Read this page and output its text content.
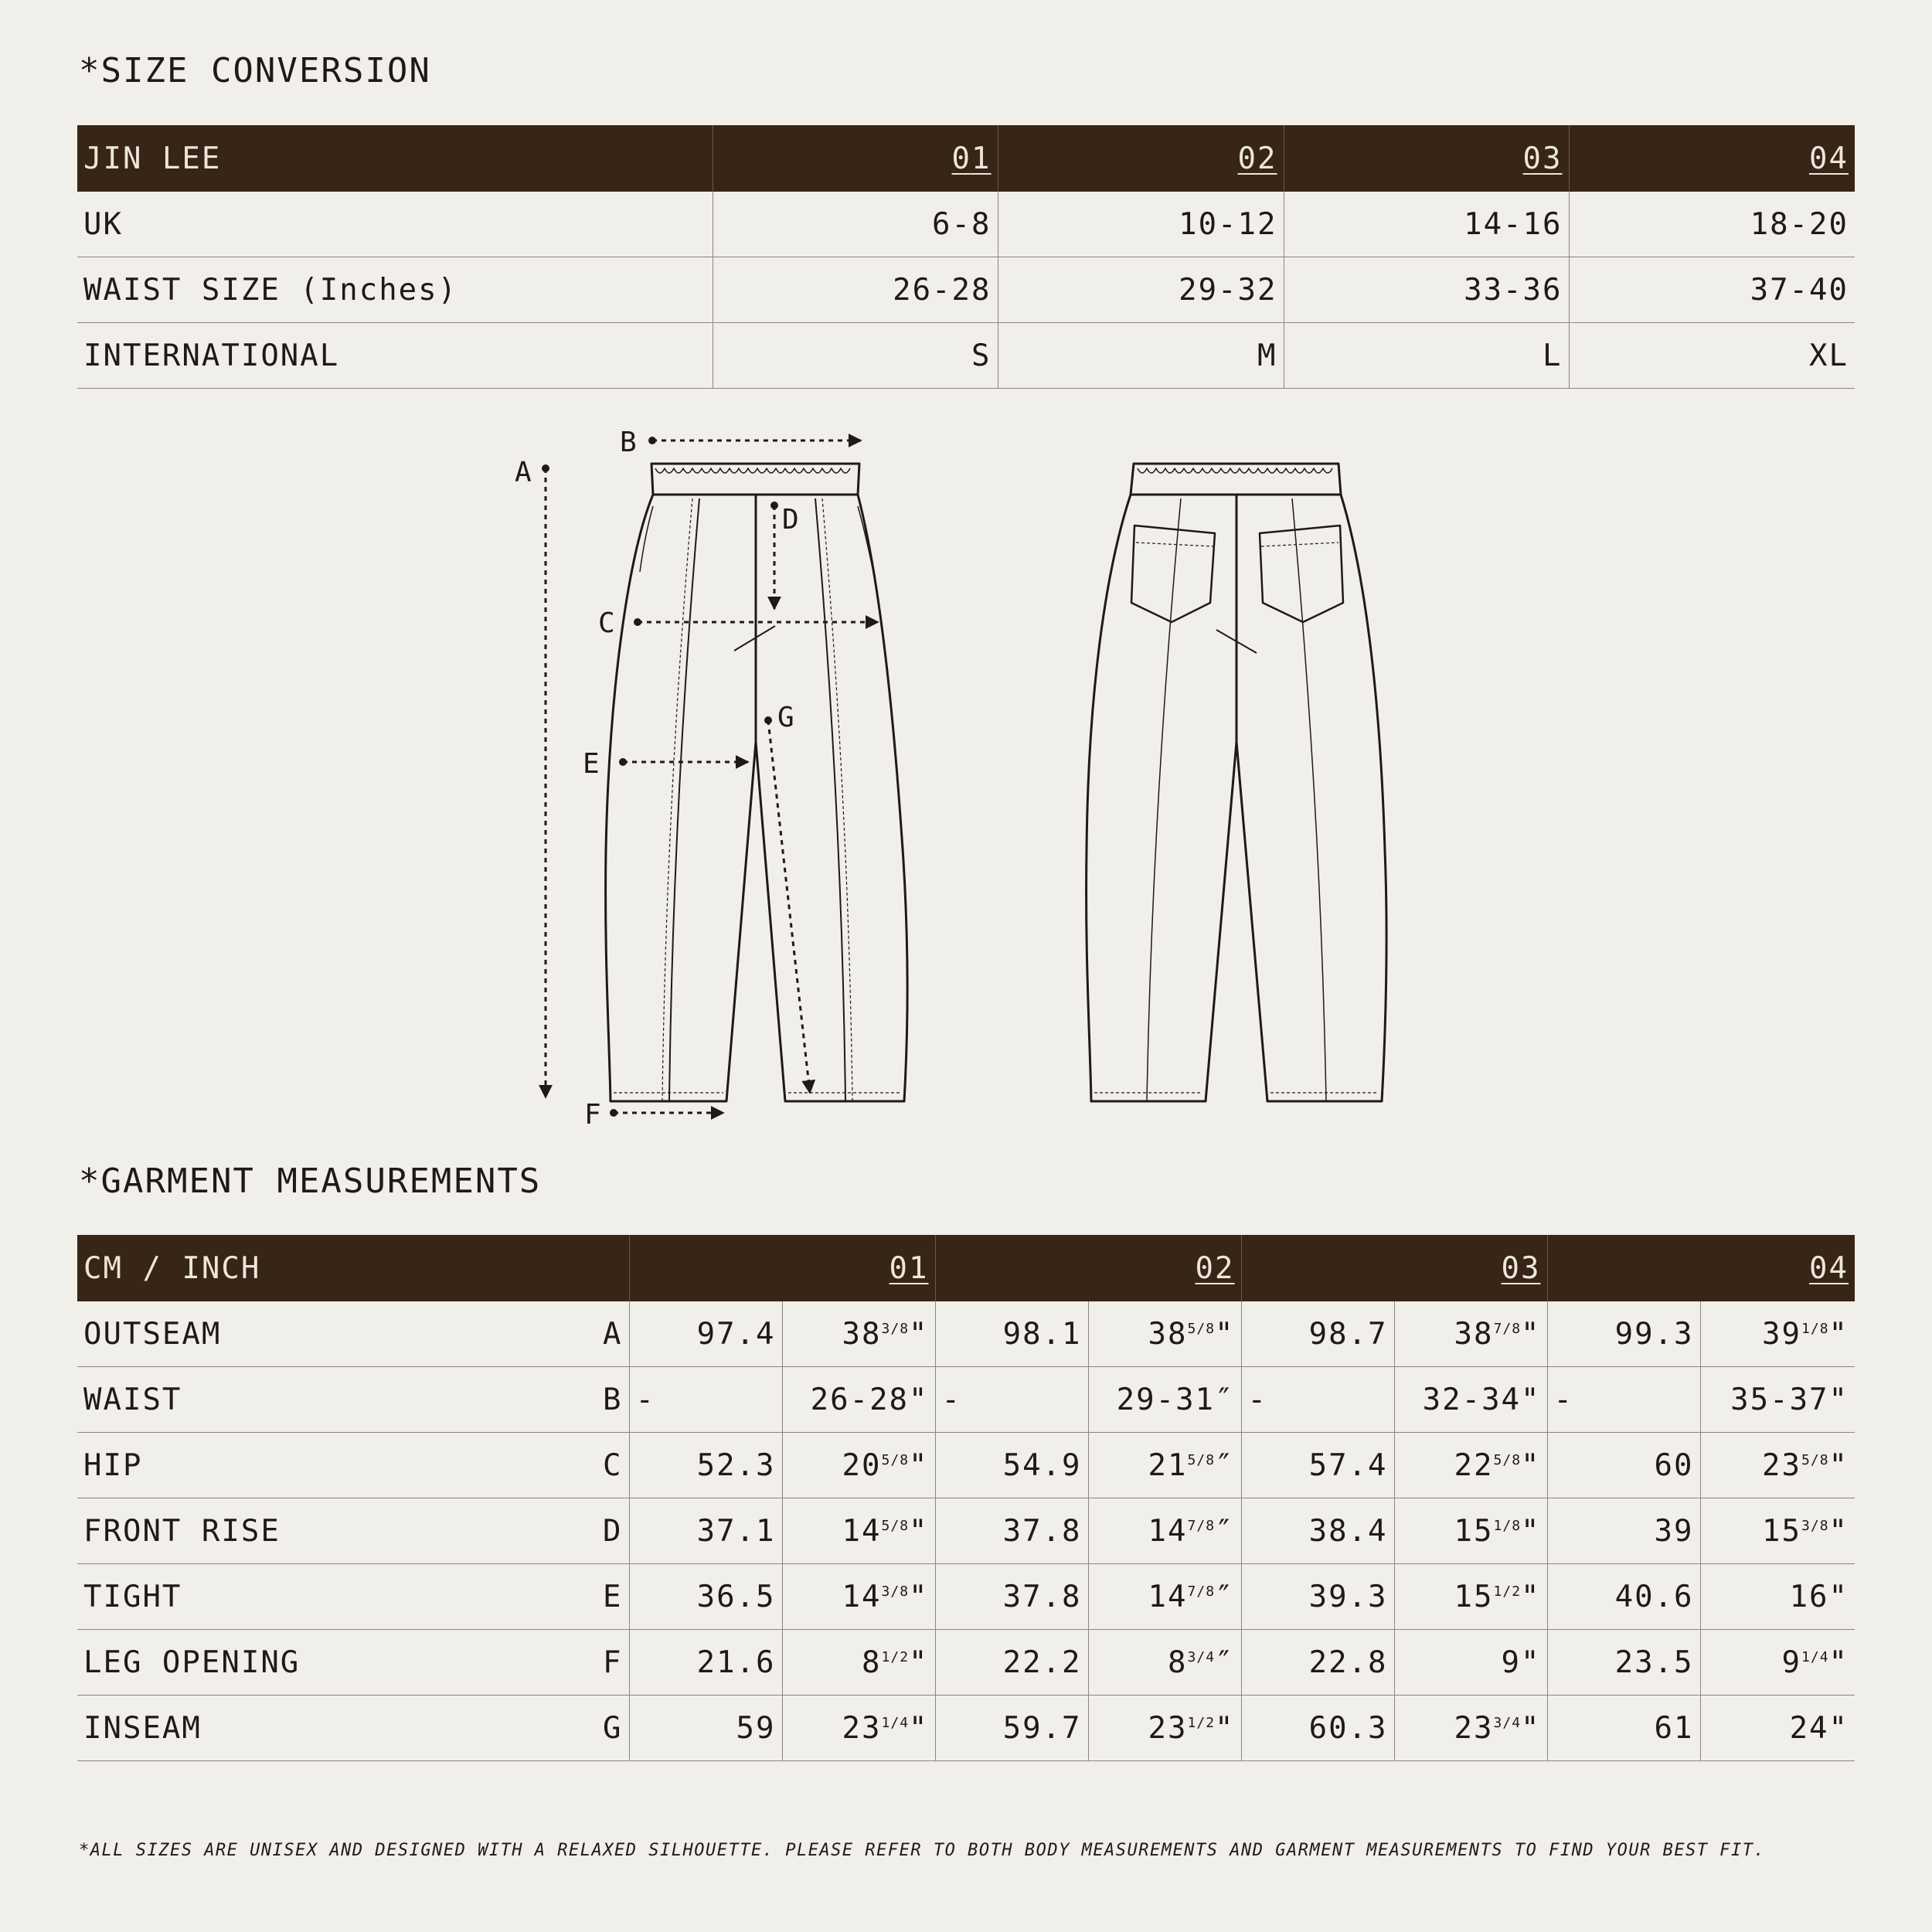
*SIZE CONVERSION
JIN LEE	01	02	03	04
UK	6-8	10-12	14-16	18-20
WAIST SIZE (Inches)	26-28	29-32	33-36	37-40
INTERNATIONAL	S	M	L	XL
A
B
C
D
E
F
G
*GARMENT MEASUREMENTS
CM / INCH		01		02		03		04	
OUTSEAM	A	97.4	$38^{3/8}$"	98.1	$38^{5/8}$"	98.7	$38^{7/8}$"	99.3	$39^{1/8}$"
WAIST	B	-	26-28"	-	29-31″	-	32-34"	-	35-37"
HIP	C	52.3	$20^{5/8}$"	54.9	$21^{5/8}''$	57.4	$22^{5/8}$"	60	$23^{5/8}$"
FRONT RISE	D	37.1	$14^{5/8}$"	37.8	$14^{7/8}''$	38.4	$15^{1/8}$"	39	$15^{3/8}$"
TIGHT	E	36.5	$14^{3/8}$"	37.8	$14^{7/8}''$	39.3	$15^{1/2}$"	40.6	16"
LEG OPENING	F	21.6	$8^{1/2}$"	22.2	$8^{3/4}''$	22.8	9"	23.5	$9^{1/4}$"
INSEAM	G	59	$23^{1/4}$"	59.7	$23^{1/2}$"	60.3	$23^{3/4}$"	61	24"
*ALL SIZES ARE UNISEX AND DESIGNED WITH A RELAXED SILHOUETTE. PLEASE REFER TO BOTH BODY MEASUREMENTS AND GARMENT MEASUREMENTS TO FIND YOUR BEST FIT.
